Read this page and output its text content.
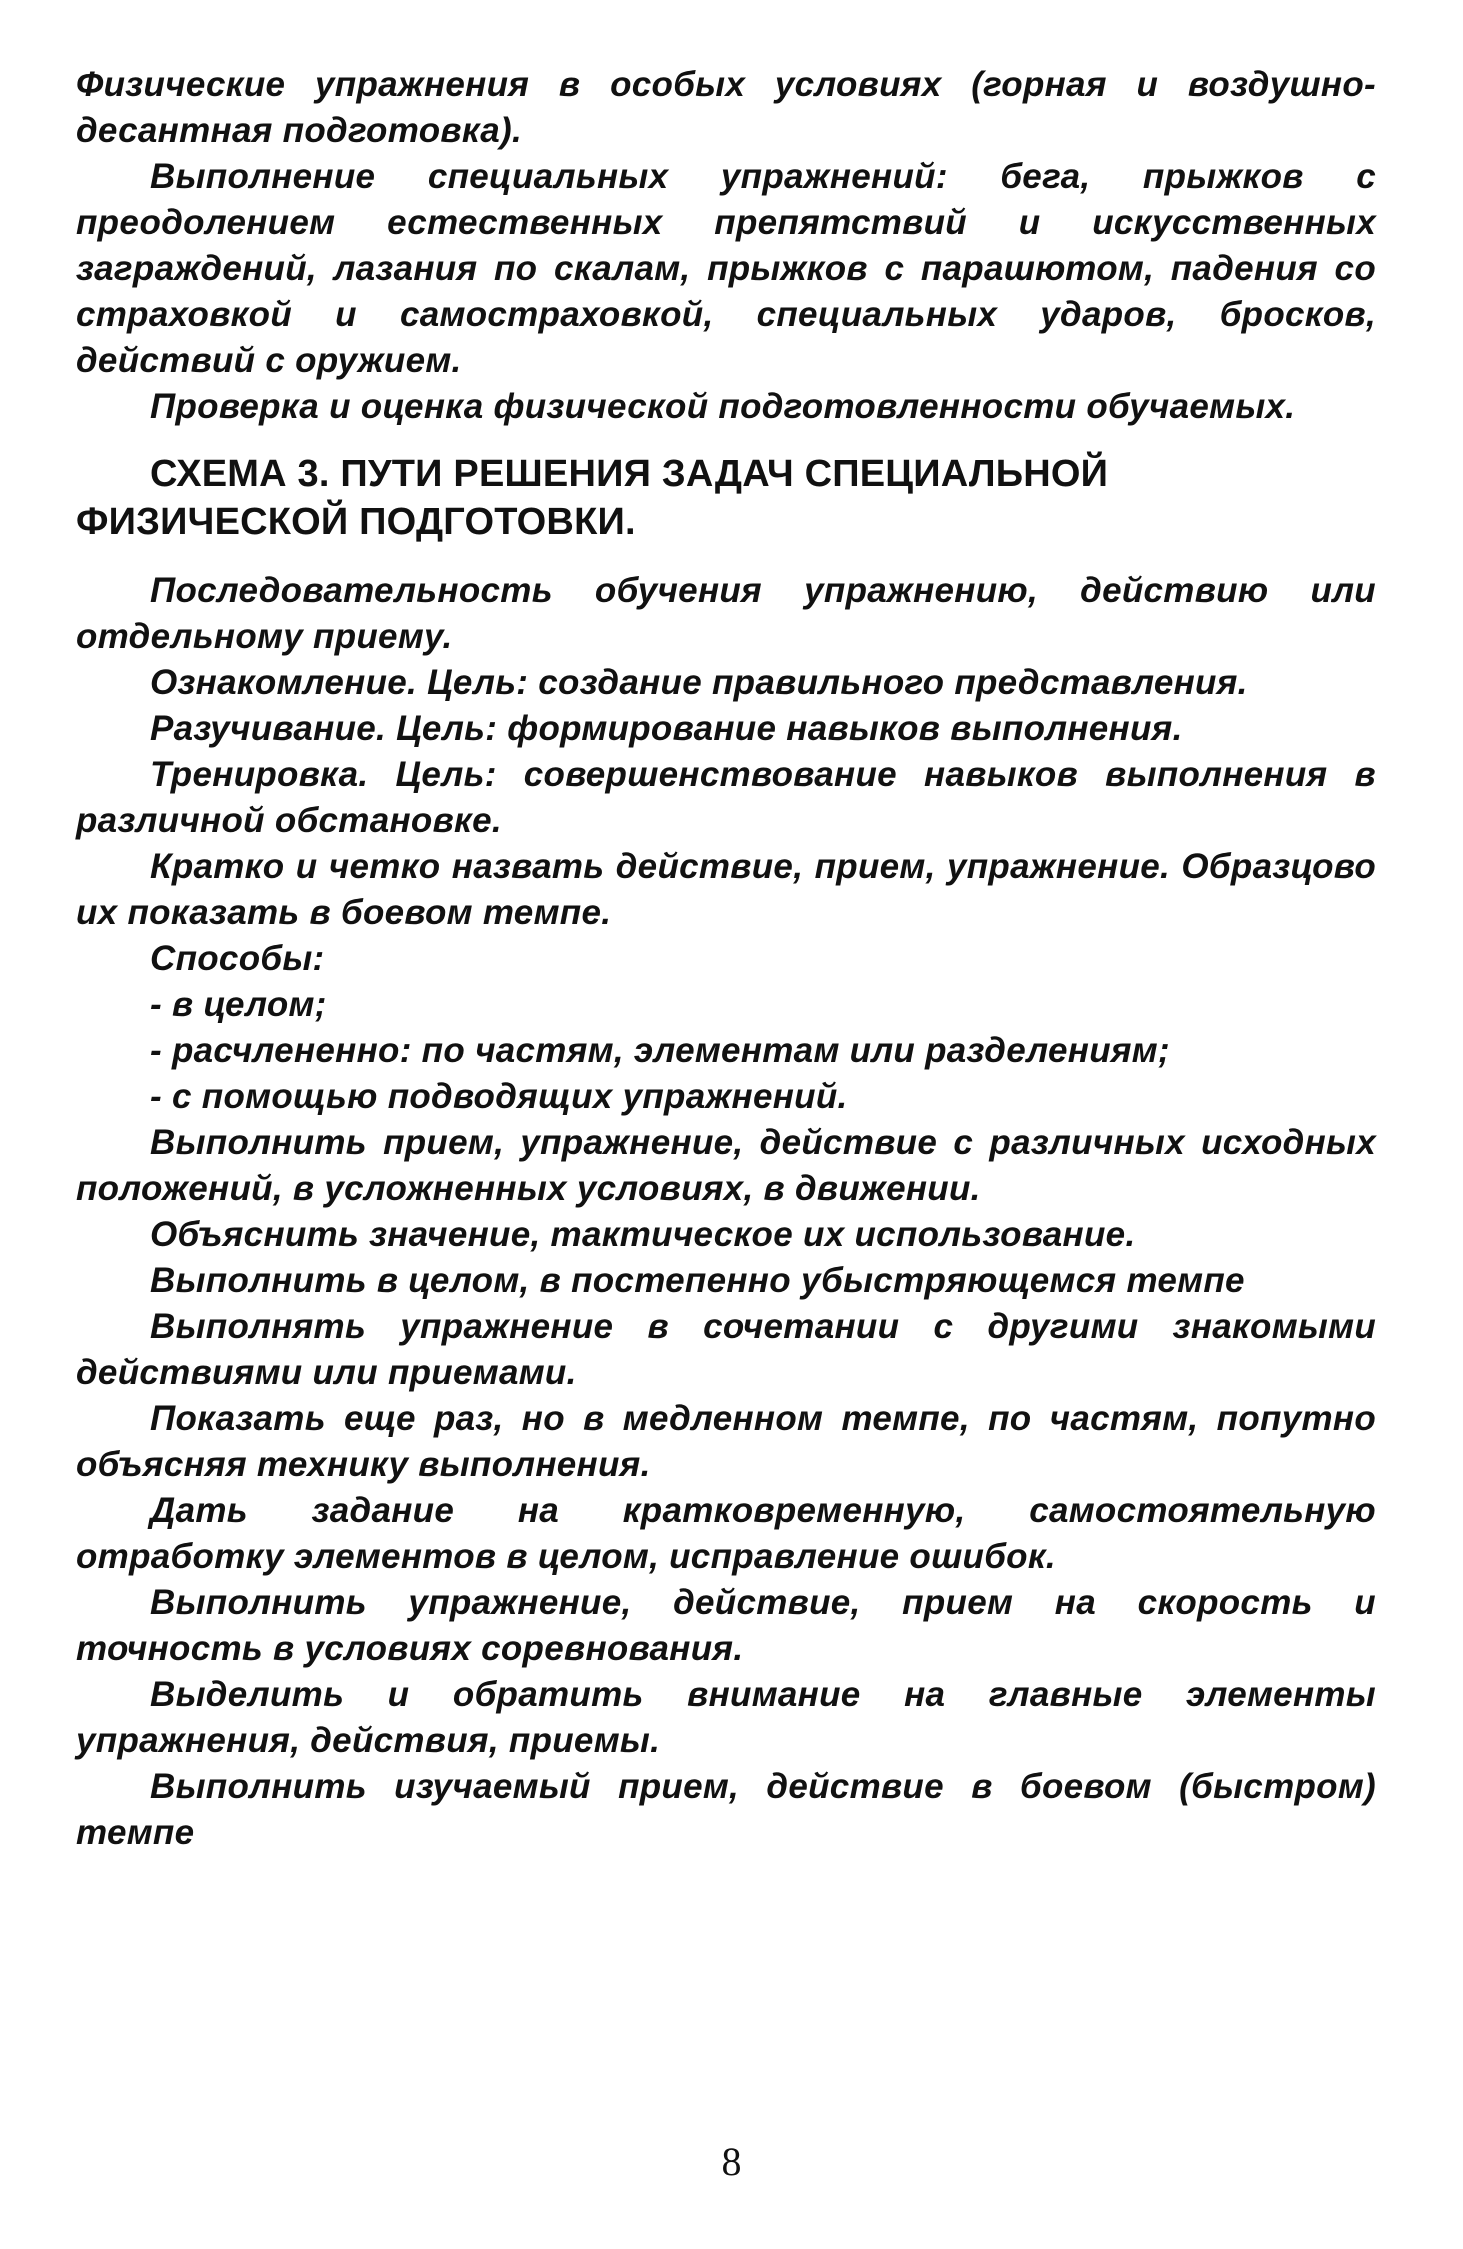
Физические упражнения в особых условиях (горная и воздушно-десантная подготовка).

Выполнение специальных упражнений: бега, прыжков с преодолением естественных препятствий и искусственных заграждений, лазания по скалам, прыжков с парашютом, падения со страховкой и самостраховкой, специальных ударов, бросков, действий с оружием.

Проверка и оценка физической подготовленности обучаемых.

СХЕМА 3. ПУТИ РЕШЕНИЯ ЗАДАЧ СПЕЦИАЛЬНОЙ ФИЗИЧЕСКОЙ ПОДГОТОВКИ.

Последовательность обучения упражнению, действию или отдельному приему.

Ознакомление. Цель: создание правильного представления.

Разучивание. Цель: формирование навыков выполнения.

Тренировка. Цель: совершенствование навыков выполнения в различной обстановке.

Кратко и четко назвать действие, прием, упражнение. Образцово их показать в боевом темпе.

Способы:

- в целом;

- расчлененно: по частям, элементам или разделениям;

- с помощью подводящих упражнений.

Выполнить прием, упражнение, действие с различных исходных положений, в усложненных условиях, в движении.

Объяснить значение, тактическое их использование.

Выполнить в целом, в постепенно убыстряющемся темпе

Выполнять упражнение в сочетании с другими знакомыми действиями или приемами.

Показать еще раз, но в медленном темпе, по частям, попутно объясняя технику выполнения.

Дать задание на кратковременную, самостоятельную отработку элементов в целом, исправление ошибок.

Выполнить упражнение, действие, прием на скорость и точность в условиях соревнования.

Выделить и обратить внимание на главные элементы упражнения, действия, приемы.

Выполнить изучаемый прием, действие в боевом (быстром) темпе

8
